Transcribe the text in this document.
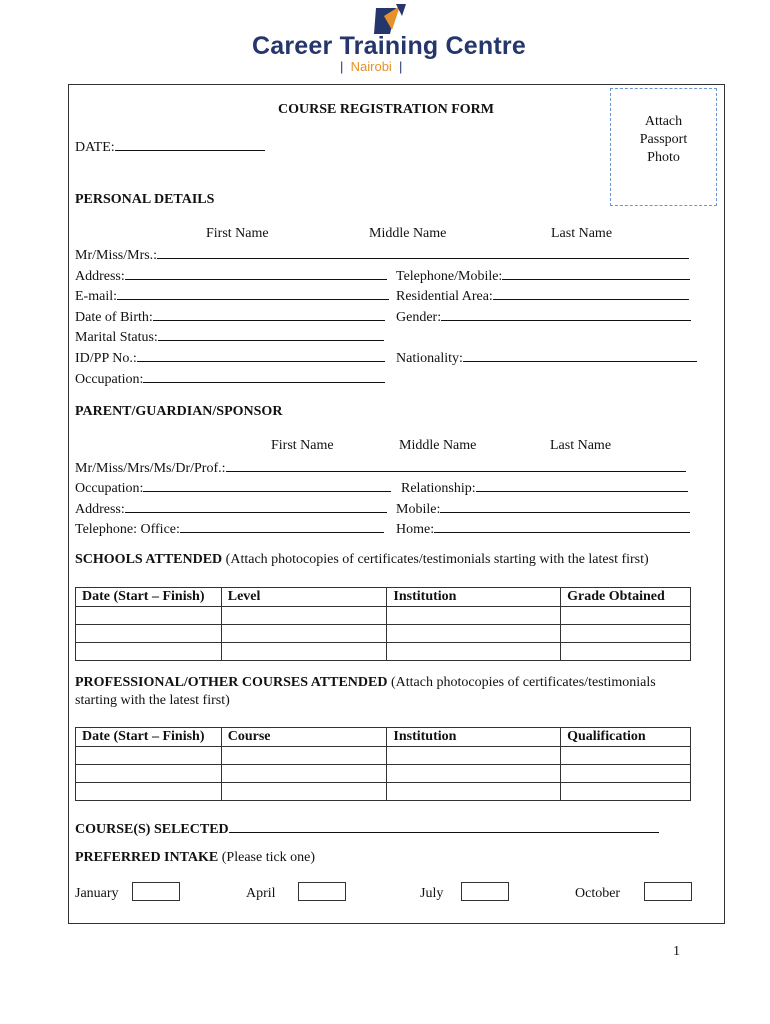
Career Training Centre
| Nairobi |
Attach
Passport
Photo
COURSE REGISTRATION FORM
DATE:
PERSONAL DETAILS
First Name	Middle Name	Last Name
Mr/Miss/Mrs.:
Address:	Telephone/Mobile:
E-mail:	Residential Area:
Date of Birth:	Gender:
Marital Status:
ID/PP No.:	Nationality:
Occupation:
PARENT/GUARDIAN/SPONSOR
First Name	Middle Name	Last Name
Mr/Miss/Mrs/Ms/Dr/Prof.:
Occupation:	Relationship:
Address:	Mobile:
Telephone: Office:	Home:
SCHOOLS ATTENDED (Attach photocopies of certificates/testimonials starting with the latest first)
Date (Start – Finish)	Level	Institution	Grade Obtained

PROFESSIONAL/OTHER COURSES ATTENDED (Attach photocopies of certificates/testimonials
starting with the latest first)
Date (Start – Finish)	Course	Institution	Qualification

COURSE(S) SELECTED
PREFERRED INTAKE (Please tick one)
January	April	July	October
1
